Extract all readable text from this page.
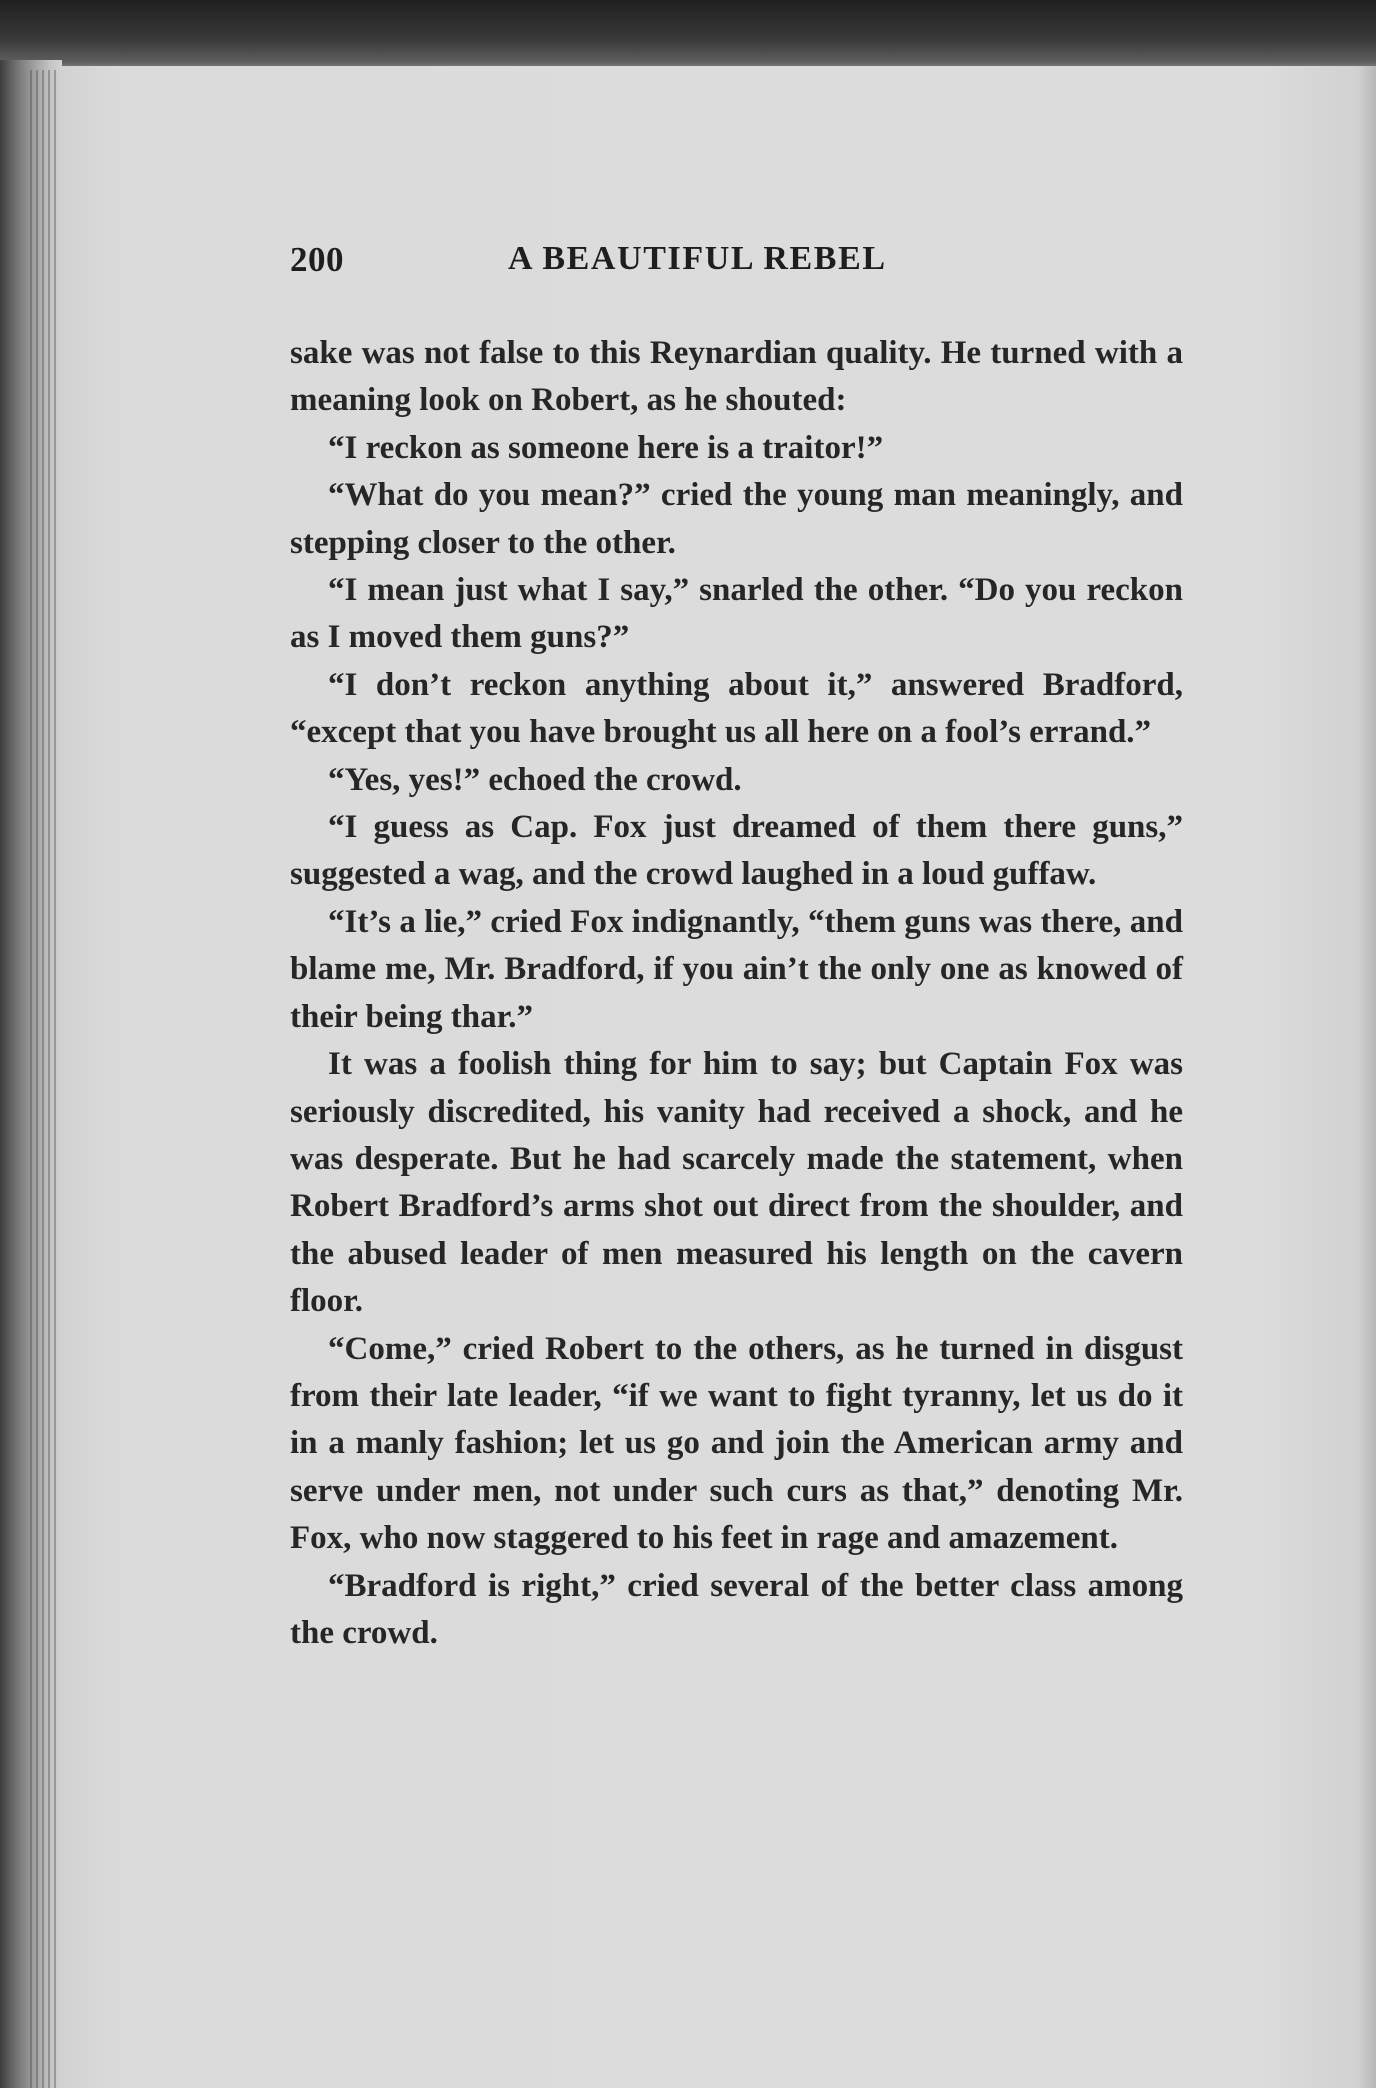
200	A BEAUTIFUL REBEL

sake was not false to this Reynardian quality. He turned with a meaning look on Robert, as he shouted:

“I reckon as someone here is a traitor!”

“What do you mean?” cried the young man meaningly, and stepping closer to the other.

“I mean just what I say,” snarled the other. “Do you reckon as I moved them guns?”

“I don’t reckon anything about it,” answered Bradford, “except that you have brought us all here on a fool’s errand.”

“Yes, yes!” echoed the crowd.

“I guess as Cap. Fox just dreamed of them there guns,” suggested a wag, and the crowd laughed in a loud guffaw.

“It’s a lie,” cried Fox indignantly, “them guns was there, and blame me, Mr. Bradford, if you ain’t the only one as knowed of their being thar.”

It was a foolish thing for him to say; but Captain Fox was seriously discredited, his vanity had received a shock, and he was desperate. But he had scarcely made the statement, when Robert Bradford’s arms shot out direct from the shoulder, and the abused leader of men measured his length on the cavern floor.

“Come,” cried Robert to the others, as he turned in disgust from their late leader, “if we want to fight tyranny, let us do it in a manly fashion; let us go and join the American army and serve under men, not under such curs as that,” denoting Mr. Fox, who now staggered to his feet in rage and amazement.

“Bradford is right,” cried several of the better class among the crowd.
